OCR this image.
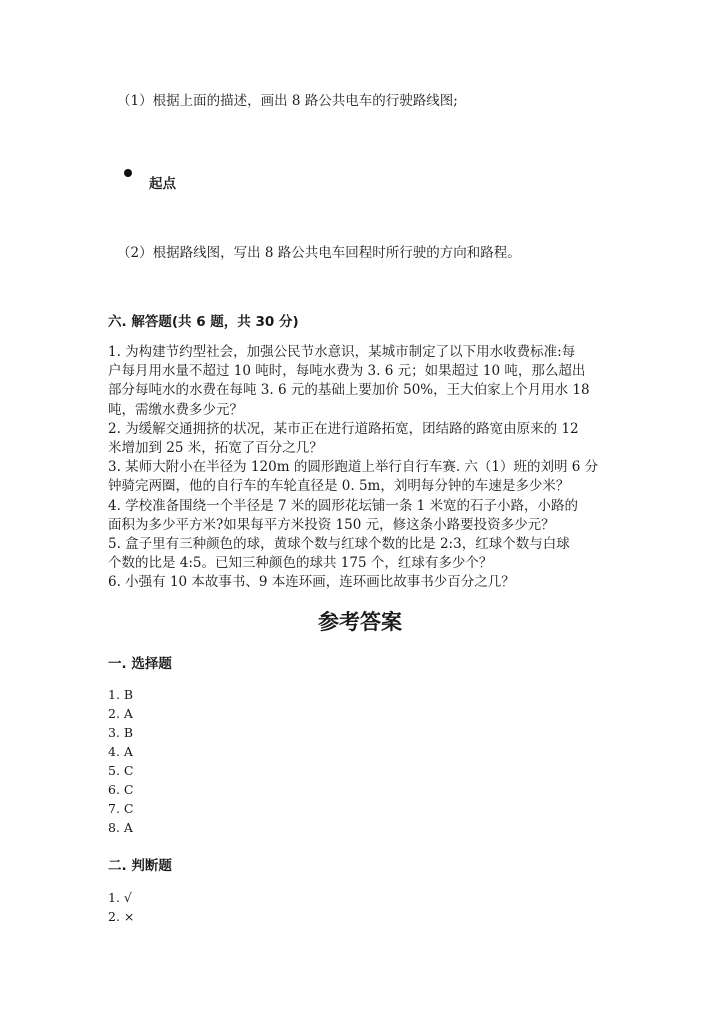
（1）根据上面的描述，画出 8 路公共电车的行驶路线图;
起点
（2）根据路线图，写出 8 路公共电车回程时所行驶的方向和路程。
六. 解答题(共 6 题，共 30 分)
1. 为构建节约型社会，加强公民节水意识，某城市制定了以下用水收费标准:每
户每月用水量不超过 10 吨时，每吨水费为 3. 6 元；如果超过 10 吨，那么超出
部分每吨水的水费在每吨 3. 6 元的基础上要加价 50%，王大伯家上个月用水 18
吨，需缴水费多少元？
2. 为缓解交通拥挤的状况，某市正在进行道路拓宽，团结路的路宽由原来的 12
米增加到 25 米，拓宽了百分之几？
3. 某师大附小在半径为 120m 的圆形跑道上举行自行车赛. 六（1）班的刘明 6 分
钟骑完两圈，他的自行车的车轮直径是 0. 5m，刘明每分钟的车速是多少米？
4. 学校准备围绕一个半径是 7 米的圆形花坛铺一条 1 米宽的石子小路，小路的
面积为多少平方米?如果每平方米投资 150 元，修这条小路要投资多少元？
5. 盒子里有三种颜色的球，黄球个数与红球个数的比是 2:3，红球个数与白球
个数的比是 4:5。已知三种颜色的球共 175 个，红球有多少个？
6. 小强有 10 本故事书、9 本连环画，连环画比故事书少百分之几？
参考答案
一. 选择题
1. B
2. A
3. B
4. A
5. C
6. C
7. C
8. A
二. 判断题
1. √
2. ×
